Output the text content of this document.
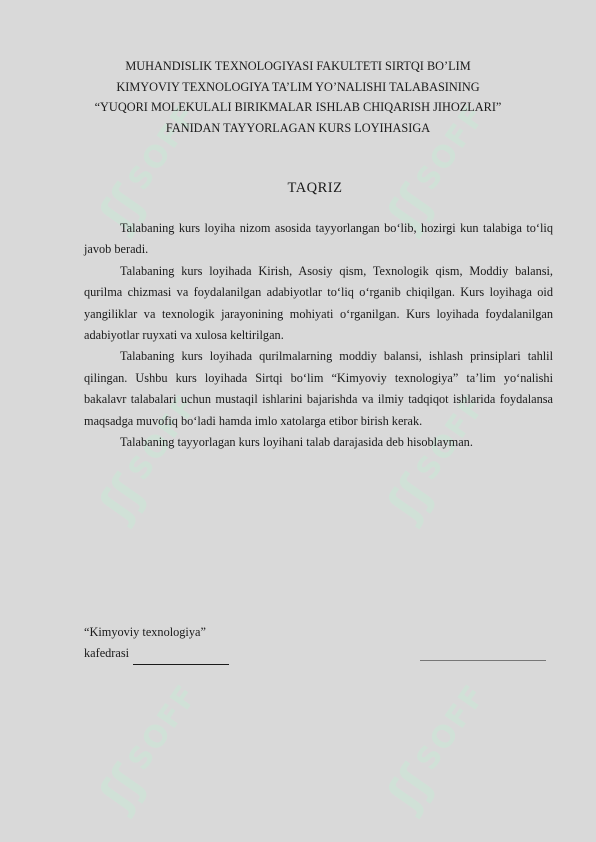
ʃʃ
SOFF
ʃʃ
SOFF
ʃʃ
SOFF
ʃʃ
SOFF
ʃʃ
SOFF
ʃʃ
SOFF
MUHANDISLIK TEXNOLOGIYASI FAKULTETI SIRTQI BO’LIM
KIMYOVIY TEXNOLOGIYA TA’LIM YO’NALISHI TALABASINING
“YUQORI MOLEKULALI BIRIKMALAR ISHLAB CHIQARISH JIHOZLARI”
FANIDAN TAYYORLAGAN KURS LOYIHASIGA
TAQRIZ

Talabaning kurs loyiha nizom asosida tayyorlangan bo‘lib, hozirgi kun talabiga to‘liq javob beradi.

Talabaning kurs loyihada Kirish, Asosiy qism, Texnologik qism, Moddiy balansi, qurilma chizmasi va foydalanilgan adabiyotlar to‘liq o‘rganib chiqilgan. Kurs loyihaga oid yangiliklar va texnologik jarayonining mohiyati o‘rganilgan. Kurs loyihada foydalanilgan adabiyotlar ruyxati va xulosa keltirilgan.

Talabaning kurs loyihada qurilmalarning moddiy balansi, ishlash prinsiplari tahlil qilingan. Ushbu kurs loyihada Sirtqi bo‘lim “Kimyoviy texnologiya” ta’lim yo‘nalishi bakalavr talabalari uchun mustaqil ishlarini bajarishda va ilmiy tadqiqot ishlarida foydalansa maqsadga muvofiq bo‘ladi hamda imlo xatolarga etibor birish kerak.

Talabaning tayyorlagan kurs loyihani talab darajasida deb hisoblayman.

“Kimyoviy texnologiya”
kafedrasi
